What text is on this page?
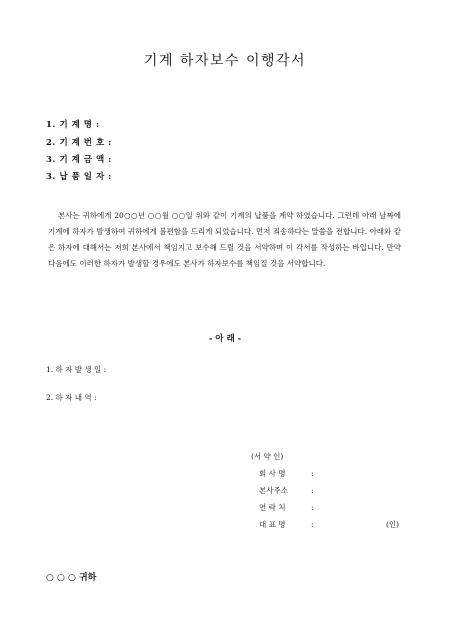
기계 하자보수 이행각서
1. 기 계 명 :
2. 기 계 번 호 :
3. 기 계 금 액 :
3. 납 품 일 자 :
본사는 귀하에게 20○○년 ○○월 ○○일 위와 같이 기계의 납품을 계약 하였습니다. 그런데 아래 날짜에 기계에 하자가 발생하여 귀하에게 불편함을 드리게 되었습니다. 먼저 죄송하다는 말씀을 전합니다. 아래와 같은 하자에 대해서는 저희 본사에서 책임지고 보수해 드릴 것을 서약하며 이 각서를 작성하는 바입니다. 만약 다음에도 이러한 하자가 발생할 경우에도 본사가 하자보수를 책임질 것을 서약합니다.
- 아 래 -
1. 하 자 발 생 일 :
2. 하 자 내 역 :
(서 약 인)
회 사 명	:
본사주소	:
연 락 처	:
대 표 명	:	(인)
○ ○ ○ 귀하
